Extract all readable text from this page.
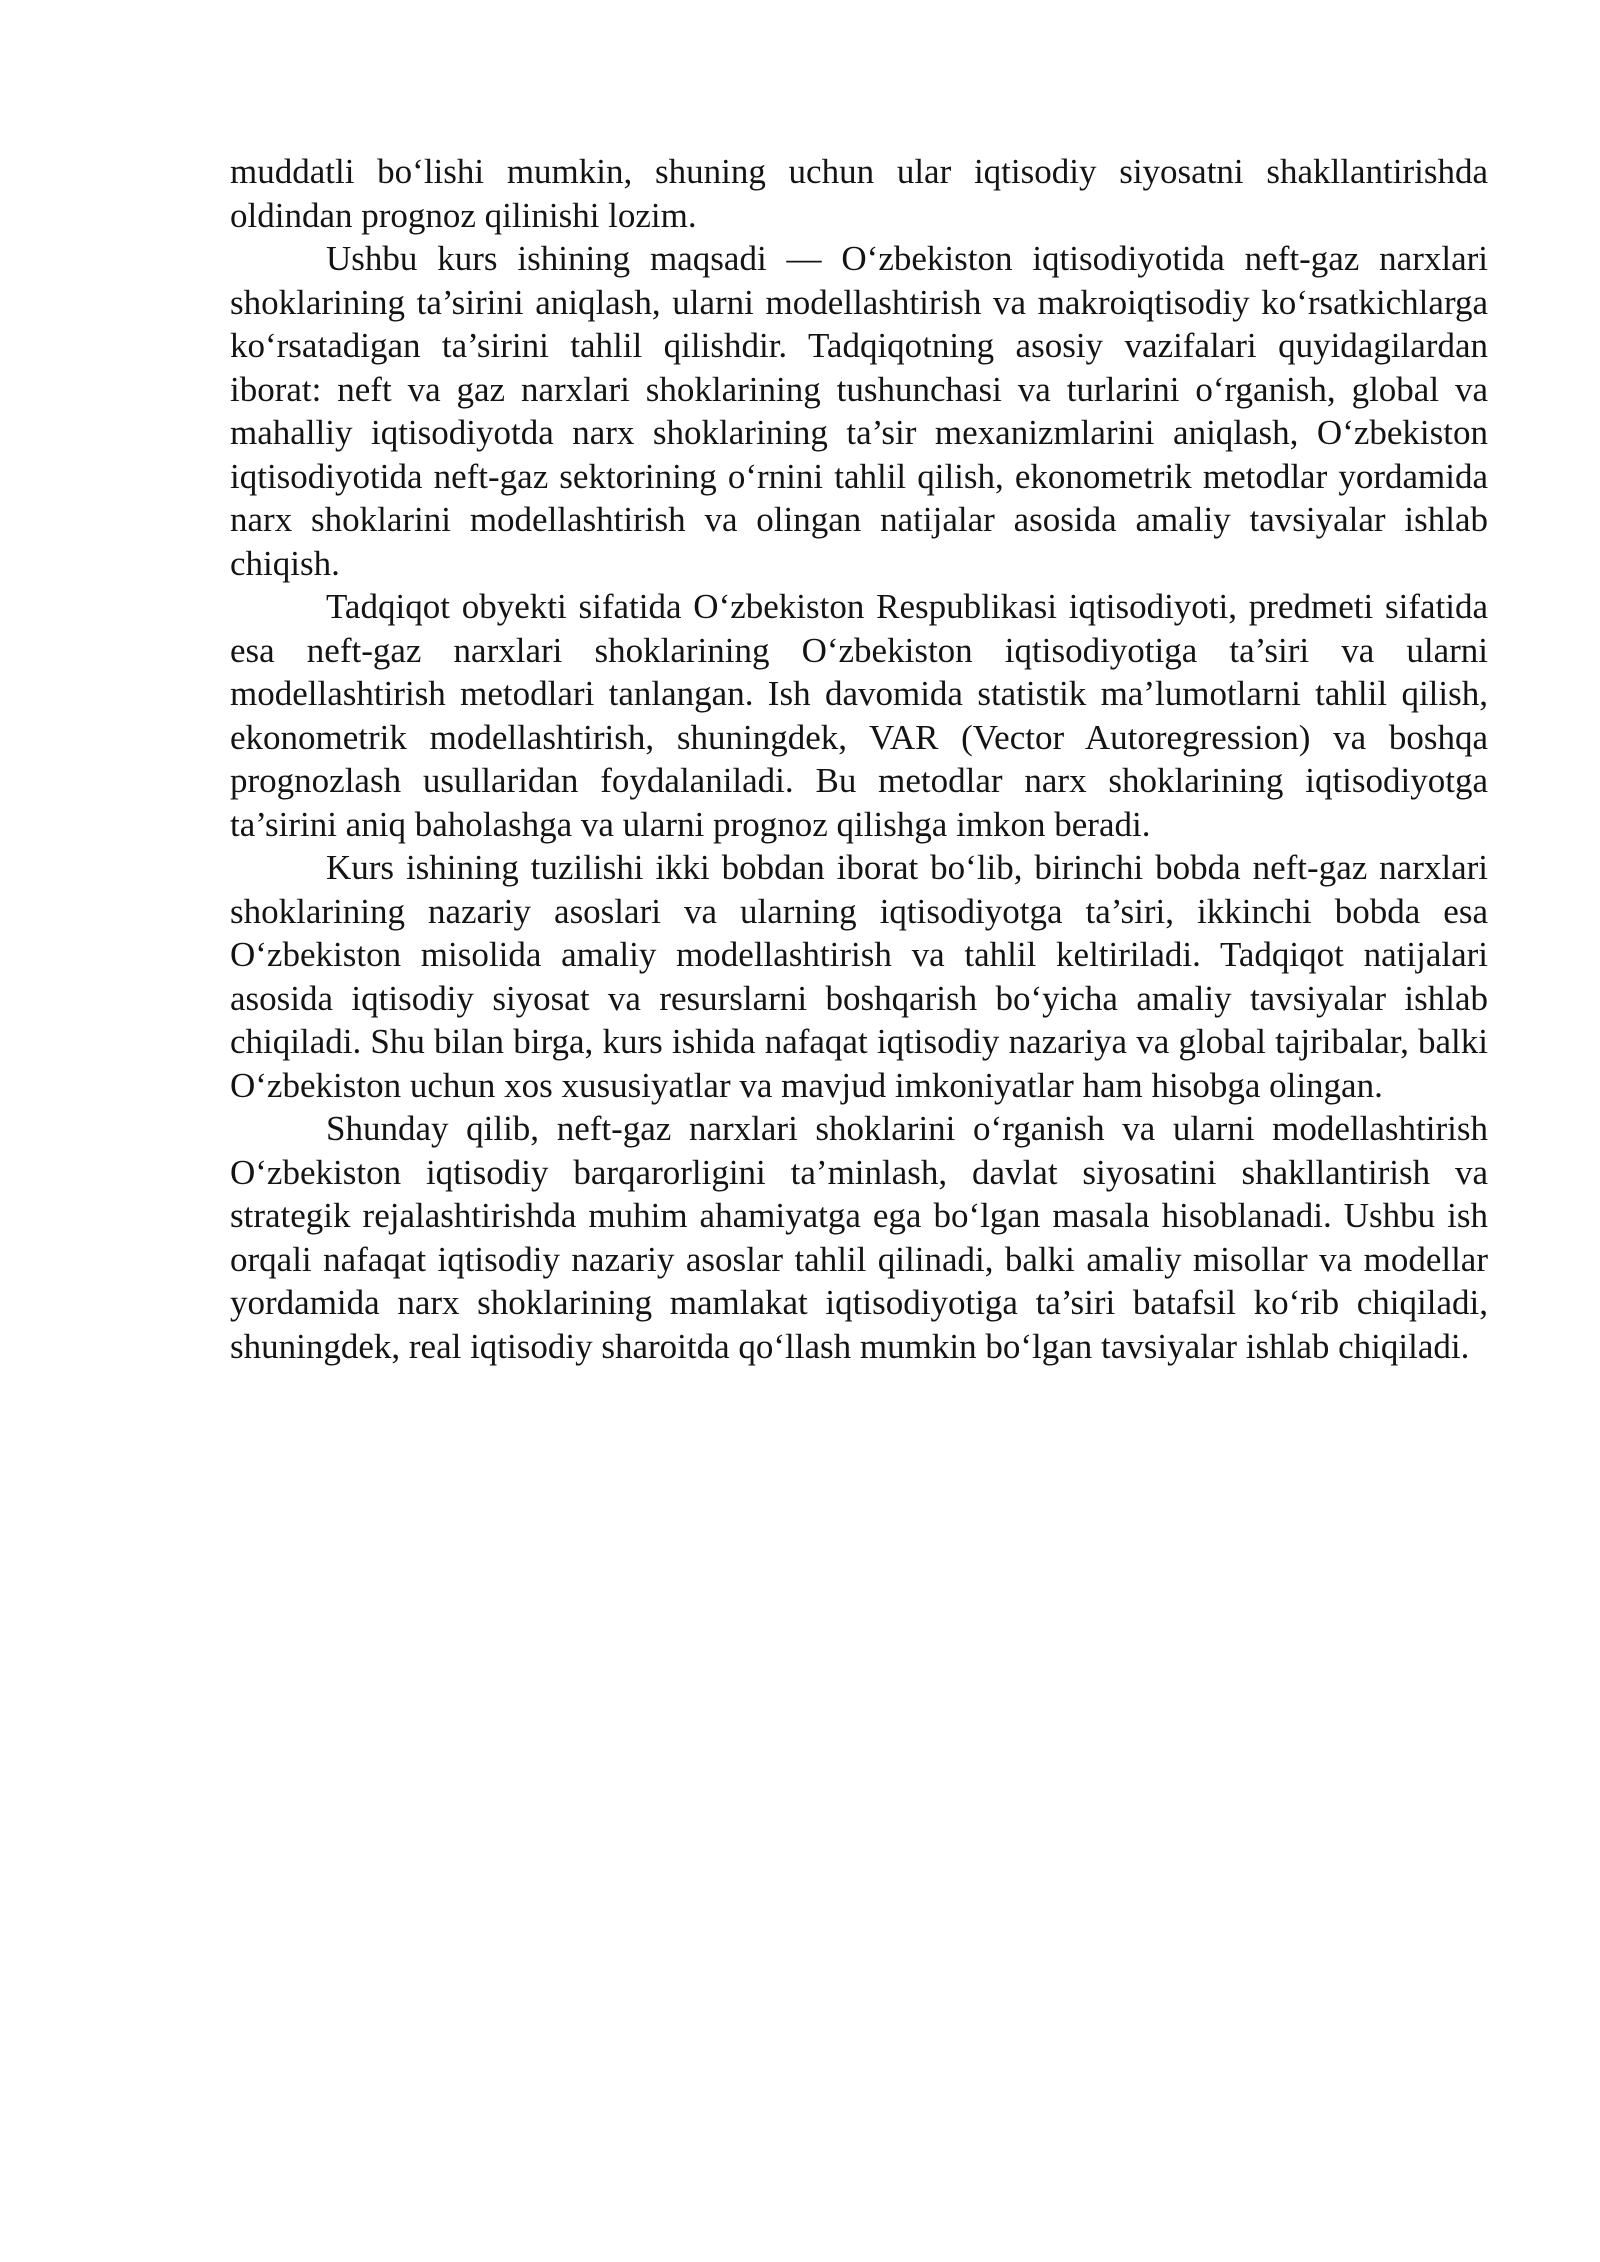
muddatli bo‘lishi mumkin, shuning uchun ular iqtisodiy siyosatni shakllantirishda oldindan prognoz qilinishi lozim.

Ushbu kurs ishining maqsadi — O‘zbekiston iqtisodiyotida neft-gaz narxlari shoklarining ta’sirini aniqlash, ularni modellashtirish va makroiqtisodiy ko‘rsatkichlarga ko‘rsatadigan ta’sirini tahlil qilishdir. Tadqiqotning asosiy vazifalari quyidagilardan iborat: neft va gaz narxlari shoklarining tushunchasi va turlarini o‘rganish, global va mahalliy iqtisodiyotda narx shoklarining ta’sir mexanizmlarini aniqlash, O‘zbekiston iqtisodiyotida neft-gaz sektorining o‘rnini tahlil qilish, ekonometrik metodlar yordamida narx shoklarini modellashtirish va olingan natijalar asosida amaliy tavsiyalar ishlab chiqish.

Tadqiqot obyekti sifatida O‘zbekiston Respublikasi iqtisodiyoti, predmeti sifatida esa neft-gaz narxlari shoklarining O‘zbekiston iqtisodiyotiga ta’siri va ularni modellashtirish metodlari tanlangan. Ish davomida statistik ma’lumotlarni tahlil qilish, ekonometrik modellashtirish, shuningdek, VAR (Vector Autoregression) va boshqa prognozlash usullaridan foydalaniladi. Bu metodlar narx shoklarining iqtisodiyotga ta’sirini aniq baholashga va ularni prognoz qilishga imkon beradi.

Kurs ishining tuzilishi ikki bobdan iborat bo‘lib, birinchi bobda neft-gaz narxlari shoklarining nazariy asoslari va ularning iqtisodiyotga ta’siri, ikkinchi bobda esa O‘zbekiston misolida amaliy modellashtirish va tahlil keltiriladi. Tadqiqot natijalari asosida iqtisodiy siyosat va resurslarni boshqarish bo‘yicha amaliy tavsiyalar ishlab chiqiladi. Shu bilan birga, kurs ishida nafaqat iqtisodiy nazariya va global tajribalar, balki O‘zbekiston uchun xos xususiyatlar va mavjud imkoniyatlar ham hisobga olingan.

Shunday qilib, neft-gaz narxlari shoklarini o‘rganish va ularni modellashtirish O‘zbekiston iqtisodiy barqarorligini ta’minlash, davlat siyosatini shakllantirish va strategik rejalashtirishda muhim ahamiyatga ega bo‘lgan masala hisoblanadi. Ushbu ish orqali nafaqat iqtisodiy nazariy asoslar tahlil qilinadi, balki amaliy misollar va modellar yordamida narx shoklarining mamlakat iqtisodiyotiga ta’siri batafsil ko‘rib chiqiladi, shuningdek, real iqtisodiy sharoitda qo‘llash mumkin bo‘lgan tavsiyalar ishlab chiqiladi.
